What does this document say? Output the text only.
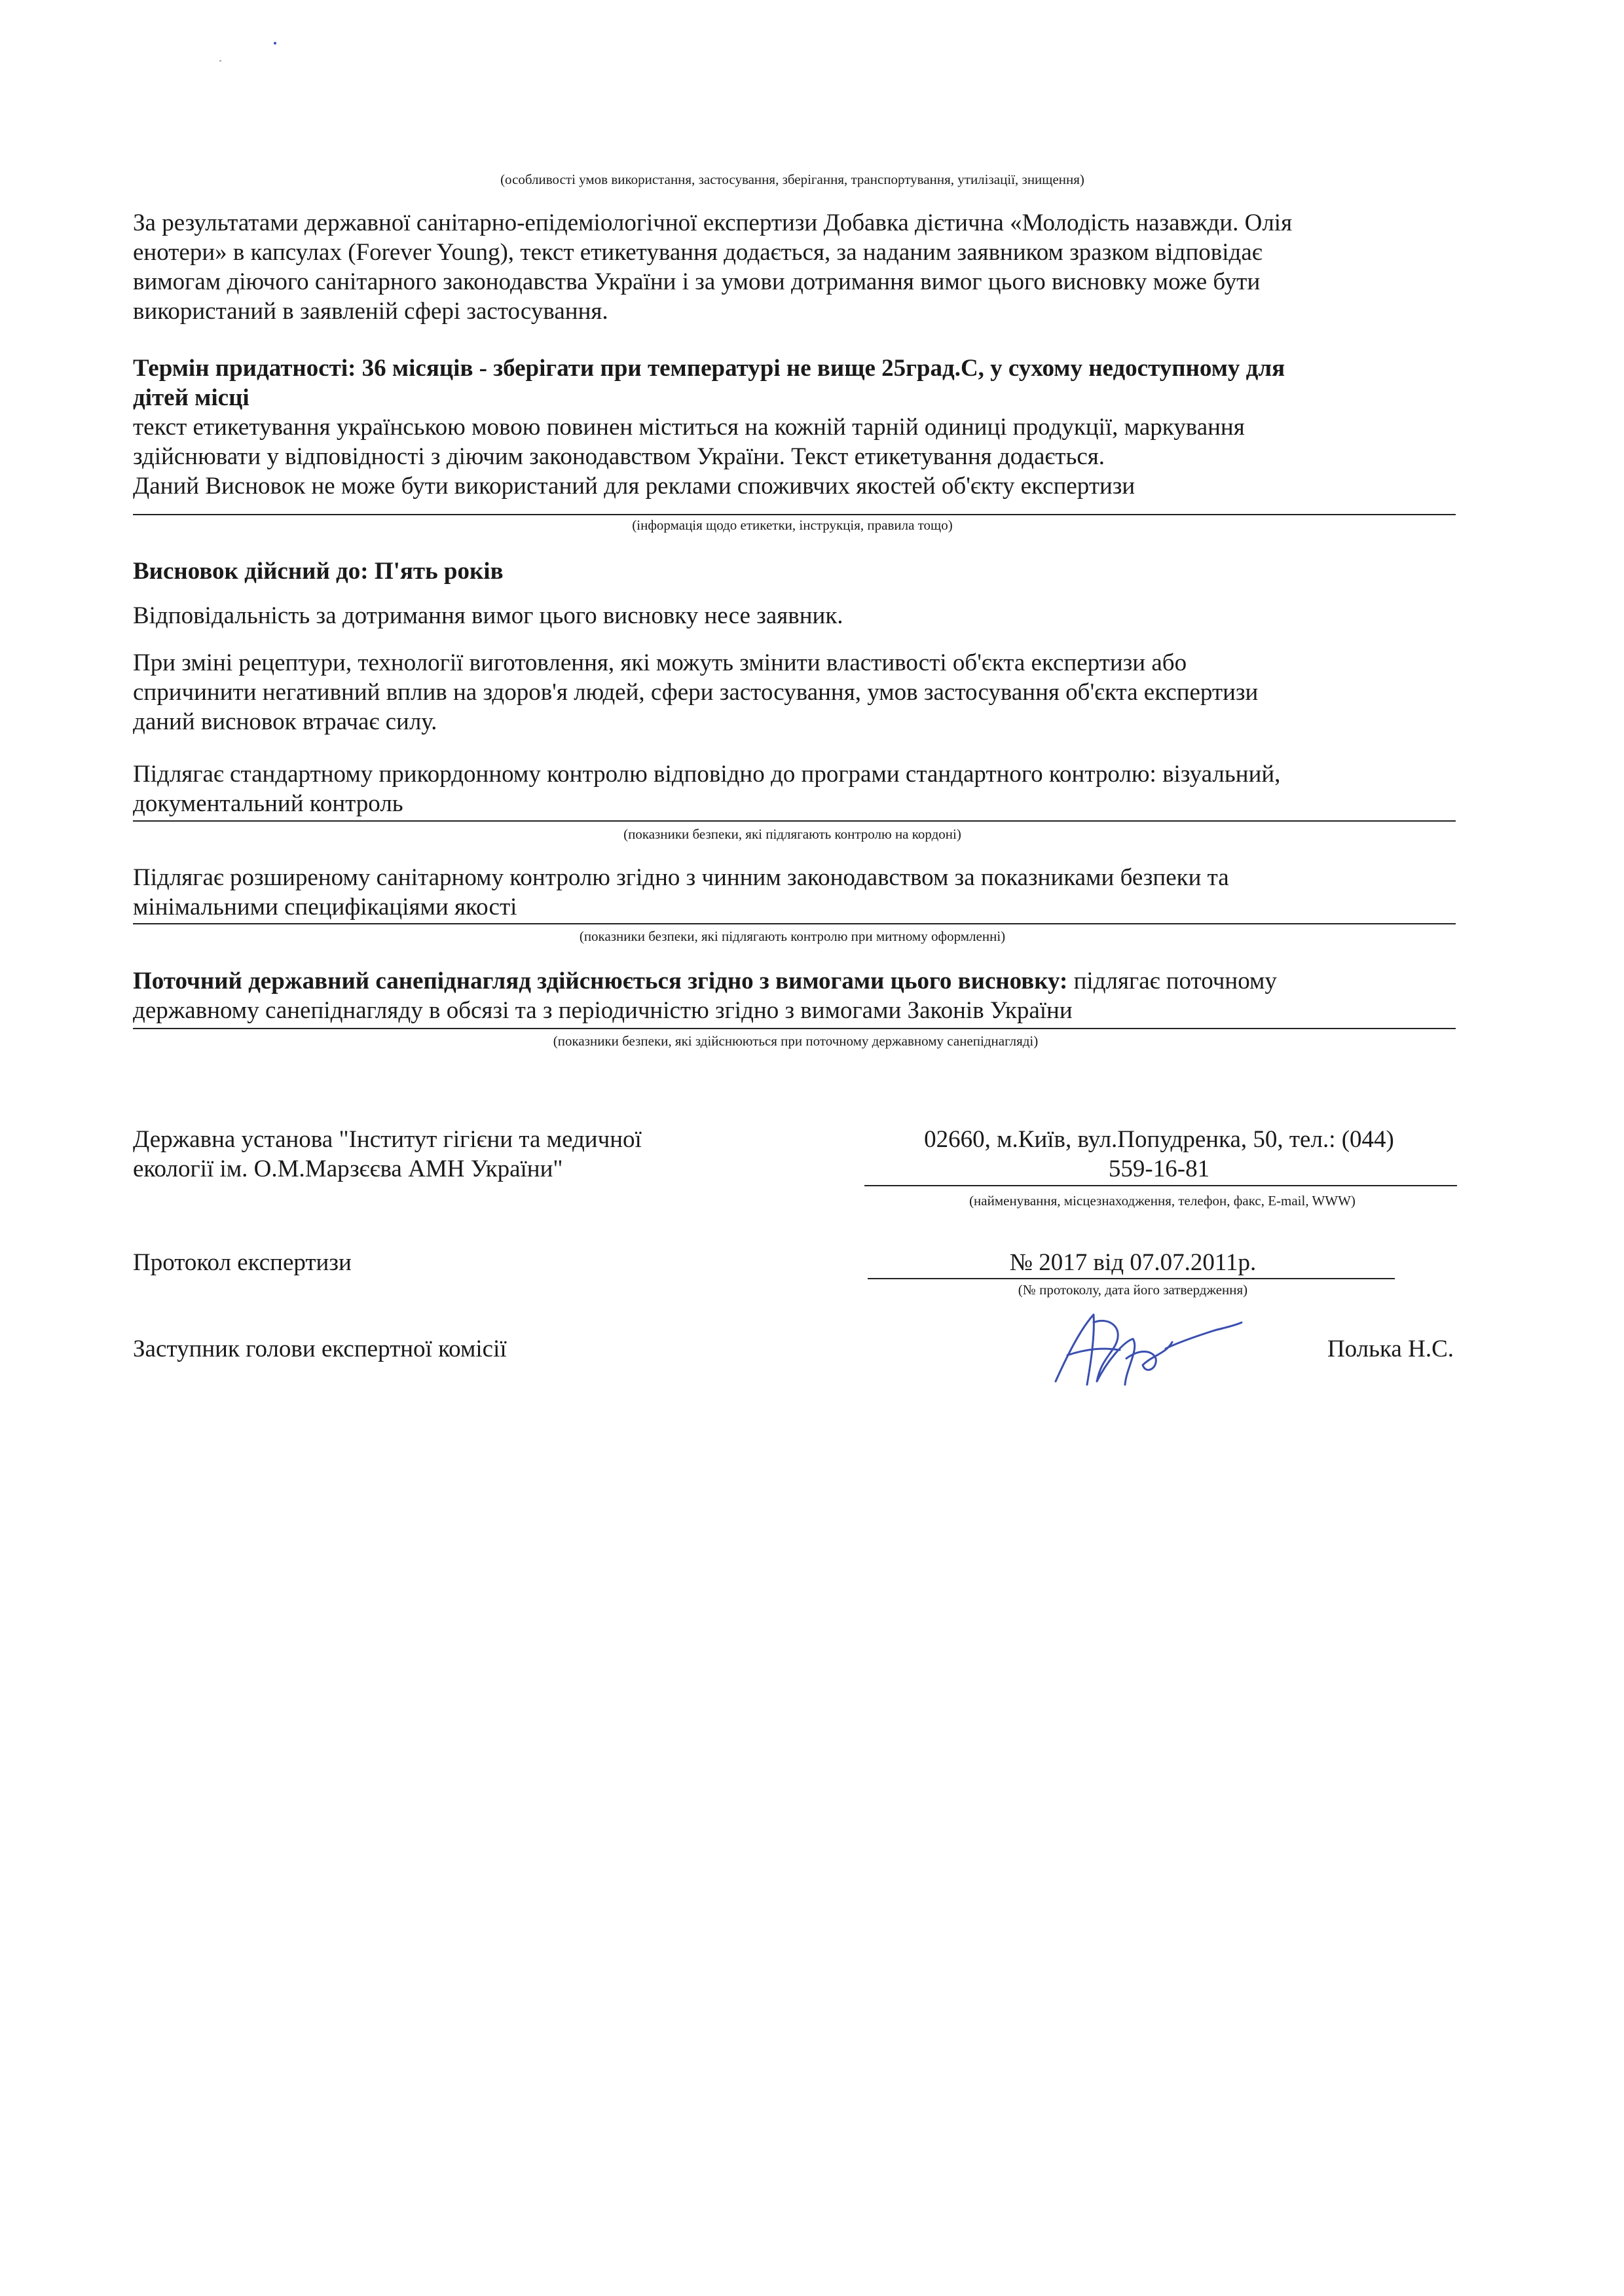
(особливості умов використання, застосування, зберігання, транспортування, утилізації, знищення)
За результатами державної санітарно-епідеміологічної експертизи Добавка дієтична «Молодість назавжди. Олія
енотери» в капсулах (Forever Young), текст етикетування додається, за наданим заявником зразком відповідає
вимогам діючого санітарного законодавства України і за умови дотримання вимог цього висновку може бути
використаний в заявленій сфері застосування.
Термін придатності: 36 місяців - зберігати при температурі не вище 25град.С, у сухому недоступному для
дітей місці
текст етикетування українською мовою повинен міститься на кожній тарній одиниці продукції, маркування
здійснювати у відповідності з діючим законодавством України. Текст етикетування додається.
Даний Висновок не може бути використаний для реклами споживчих якостей об'єкту експертизи
(інформація щодо етикетки, інструкція, правила тощо)
Висновок дійсний до: П'ять років
Відповідальність за дотримання вимог цього висновку несе заявник.
При зміні рецептури, технології виготовлення, які можуть змінити властивості об'єкта експертизи або
спричинити негативний вплив на здоров'я людей, сфери застосування, умов застосування об'єкта експертизи
даний висновок втрачає силу.
Підлягає стандартному прикордонному контролю відповідно до програми стандартного контролю: візуальний,
документальний контроль
(показники безпеки, які підлягають контролю на кордоні)
Підлягає розширеному санітарному контролю згідно з чинним законодавством за показниками безпеки та
мінімальними специфікаціями якості
(показники безпеки, які підлягають контролю при митному оформленні)
Поточний державний санепіднагляд здійснюється згідно з вимогами цього висновку: підлягає поточному
державному санепіднагляду в обсязі та з періодичністю згідно з вимогами Законів України
(показники безпеки, які здійснюються при поточному державному санепіднагляді)
Державна установа "Інститут гігієни та медичної
екології ім. О.М.Марзєєва АМН України"
02660, м.Київ, вул.Попудренка, 50, тел.: (044)
559-16-81
(найменування, місцезнаходження, телефон, факс, E-mail, WWW)
Протокол експертизи	№ 2017 від 07.07.2011р.
(№ протоколу, дата його затвердження)
Заступник голови експертної комісії	Полька Н.С.
